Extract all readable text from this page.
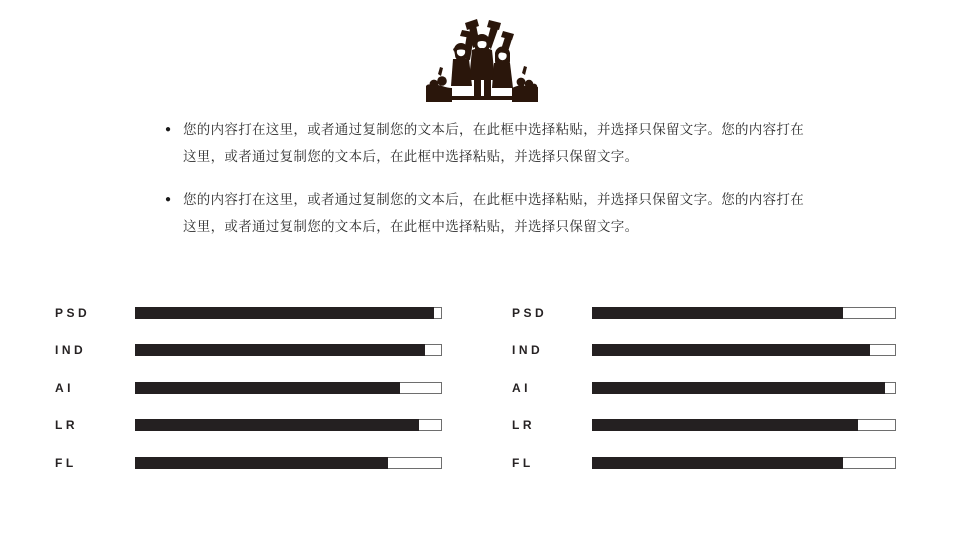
● 您的内容打在这里，或者通过复制您的文本后，在此框中选择粘贴，并选择只保留文字。您的内容打在这里，或者通过复制您的文本后，在此框中选择粘贴，并选择只保留文字。

● 您的内容打在这里，或者通过复制您的文本后，在此框中选择粘贴，并选择只保留文字。您的内容打在这里，或者通过复制您的文本后，在此框中选择粘贴，并选择只保留文字。

PSD
IND
AI
LR
FL
PSD
IND
AI
LR
FL
